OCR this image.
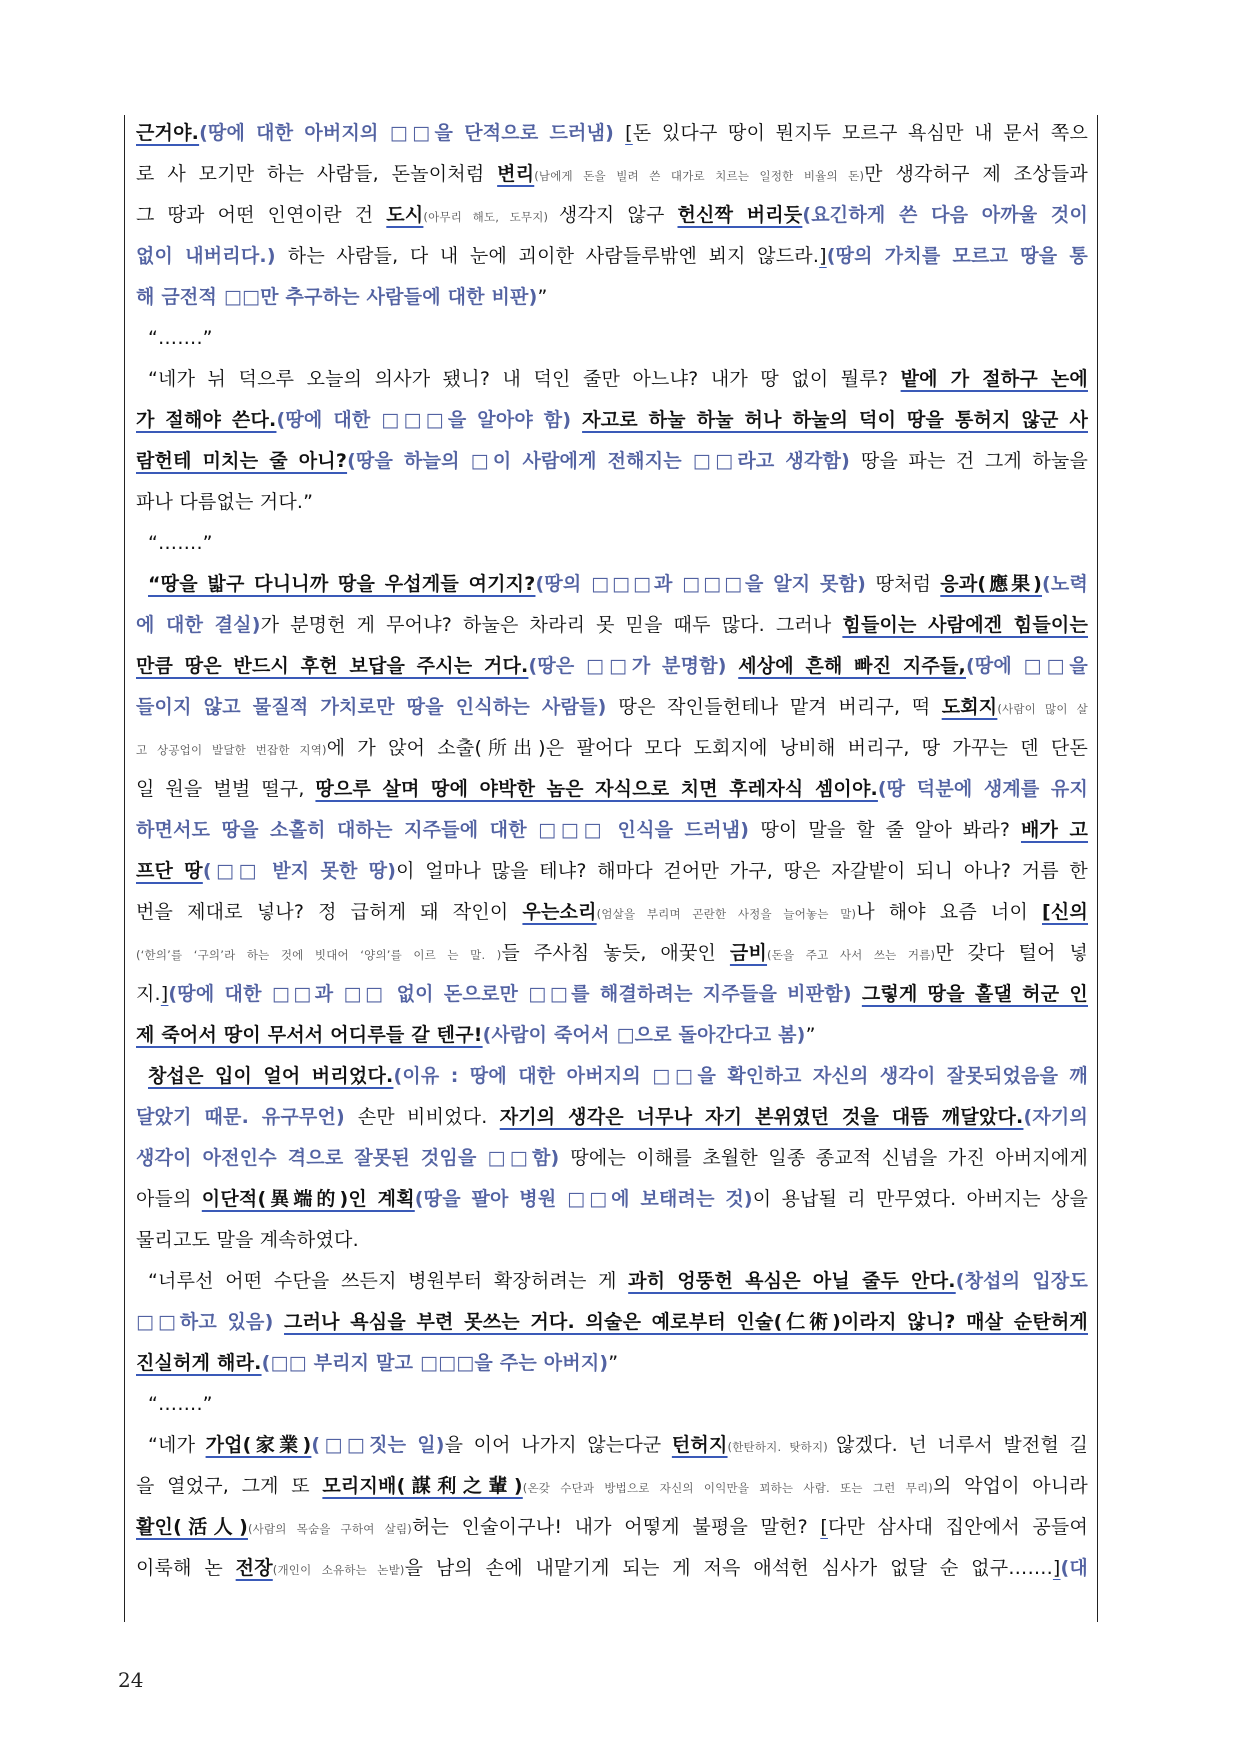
근거야.(땅에 대한 아버지의 □□을 단적으로 드러냄) [돈 있다구 땅이 뭔지두 모르구 욕심만 내 문서 쪽으
로 사 모기만 하는 사람들, 돈놀이처럼 변리(남에게 돈을 빌려 쓴 대가로 치르는 일정한 비율의 돈)만 생각허구 제 조상들과
그 땅과 어떤 인연이란 건 도시(아무리 해도, 도무지) 생각지 않구 헌신짝 버리듯(요긴하게 쓴 다음 아까울 것이
없이 내버리다.) 하는 사람들, 다 내 눈에 괴이한 사람들루밖엔 뵈지 않드라.](땅의 가치를 모르고 땅을 통
해 금전적 □□만 추구하는 사람들에 대한 비판)”
“…….”
“네가 뉘 덕으루 오늘의 의사가 됐니? 내 덕인 줄만 아느냐? 내가 땅 없이 뭘루? 밭에 가 절하구 논에
가 절해야 쓴다.(땅에 대한 □□□을 알아야 함) 자고로 하눌 하눌 허나 하눌의 덕이 땅을 통허지 않군 사
람헌테 미치는 줄 아니?(땅을 하늘의 □이 사람에게 전해지는 □□라고 생각함) 땅을 파는 건 그게 하눌을
파나 다름없는 거다.”
“…….”
“땅을 밟구 다니니까 땅을 우섭게들 여기지?(땅의 □□□과 □□□을 알지 못함) 땅처럼 응과(應果)(노력
에 대한 결실)가 분명헌 게 무어냐? 하눌은 차라리 못 믿을 때두 많다. 그러나 힘들이는 사람에겐 힘들이는
만큼 땅은 반드시 후헌 보답을 주시는 거다.(땅은 □□가 분명함) 세상에 흔해 빠진 지주들,(땅에 □□을
들이지 않고 물질적 가치로만 땅을 인식하는 사람들) 땅은 작인들헌테나 맡겨 버리구, 떡 도회지(사람이 많이 살
고 상공업이 발달한 번잡한 지역)에 가 앉어 소출(所出)은 팔어다 모다 도회지에 낭비해 버리구, 땅 가꾸는 덴 단돈
일 원을 벌벌 떨구, 땅으루 살며 땅에 야박한 놈은 자식으로 치면 후레자식 셈이야.(땅 덕분에 생계를 유지
하면서도 땅을 소홀히 대하는 지주들에 대한 □□□ 인식을 드러냄) 땅이 말을 할 줄 알아 봐라? 배가 고
프단 땅(□□ 받지 못한 땅)이 얼마나 많을 테냐? 해마다 걷어만 가구, 땅은 자갈밭이 되니 아나? 거름 한
번을 제대로 넣나? 정 급허게 돼 작인이 우는소리(엄살을 부리며 곤란한 사정을 늘어놓는 말)나 해야 요즘 너이 [신의
(‘한의’를 ‘구의’라 하는 것에 빗대어 ‘양의’를 이르 는 말. )들 주사침 놓듯, 애꿎인 금비(돈을 주고 사서 쓰는 거름)만 갖다 털어 넣
지.](땅에 대한 □□과 □□ 없이 돈으로만 □□를 해결하려는 지주들을 비판함) 그렇게 땅을 홀댈 허군 인
제 죽어서 땅이 무서서 어디루들 갈 텐구!(사람이 죽어서 □으로 돌아간다고 봄)”
창섭은 입이 얼어 버리었다.(이유 : 땅에 대한 아버지의 □□을 확인하고 자신의 생각이 잘못되었음을 깨
달았기 때문. 유구무언) 손만 비비었다. 자기의 생각은 너무나 자기 본위였던 것을 대뜸 깨달았다.(자기의
생각이 아전인수 격으로 잘못된 것임을 □□함) 땅에는 이해를 초월한 일종 종교적 신념을 가진 아버지에게
아들의 이단적(異端的)인 계획(땅을 팔아 병원 □□에 보태려는 것)이 용납될 리 만무였다. 아버지는 상을
물리고도 말을 계속하였다.
“너루선 어떤 수단을 쓰든지 병원부터 확장허려는 게 과히 엉뚱헌 욕심은 아닐 줄두 안다.(창섭의 입장도
□□하고 있음) 그러나 욕심을 부련 못쓰는 거다. 의술은 예로부터 인술(仁術)이라지 않니? 매살 순탄허게
진실허게 해라.(□□ 부리지 말고 □□□을 주는 아버지)”
“…….”
“네가 가업(家業)(□□짓는 일)을 이어 나가지 않는다군 턴허지(한탄하지. 탓하지) 않겠다. 넌 너루서 발전헐 길
을 열었구, 그게 또 모리지배(謀利之輩)(온갖 수단과 방법으로 자신의 이익만을 꾀하는 사람. 또는 그런 무리)의 악업이 아니라
활인(活人)(사람의 목숨을 구하여 살림)허는 인술이구나! 내가 어떻게 불평을 말헌? [다만 삼사대 집안에서 공들여
이룩해 논 전장(개인이 소유하는 논밭)을 남의 손에 내맡기게 되는 게 저윽 애석헌 심사가 없달 순 없구…….](대
24
